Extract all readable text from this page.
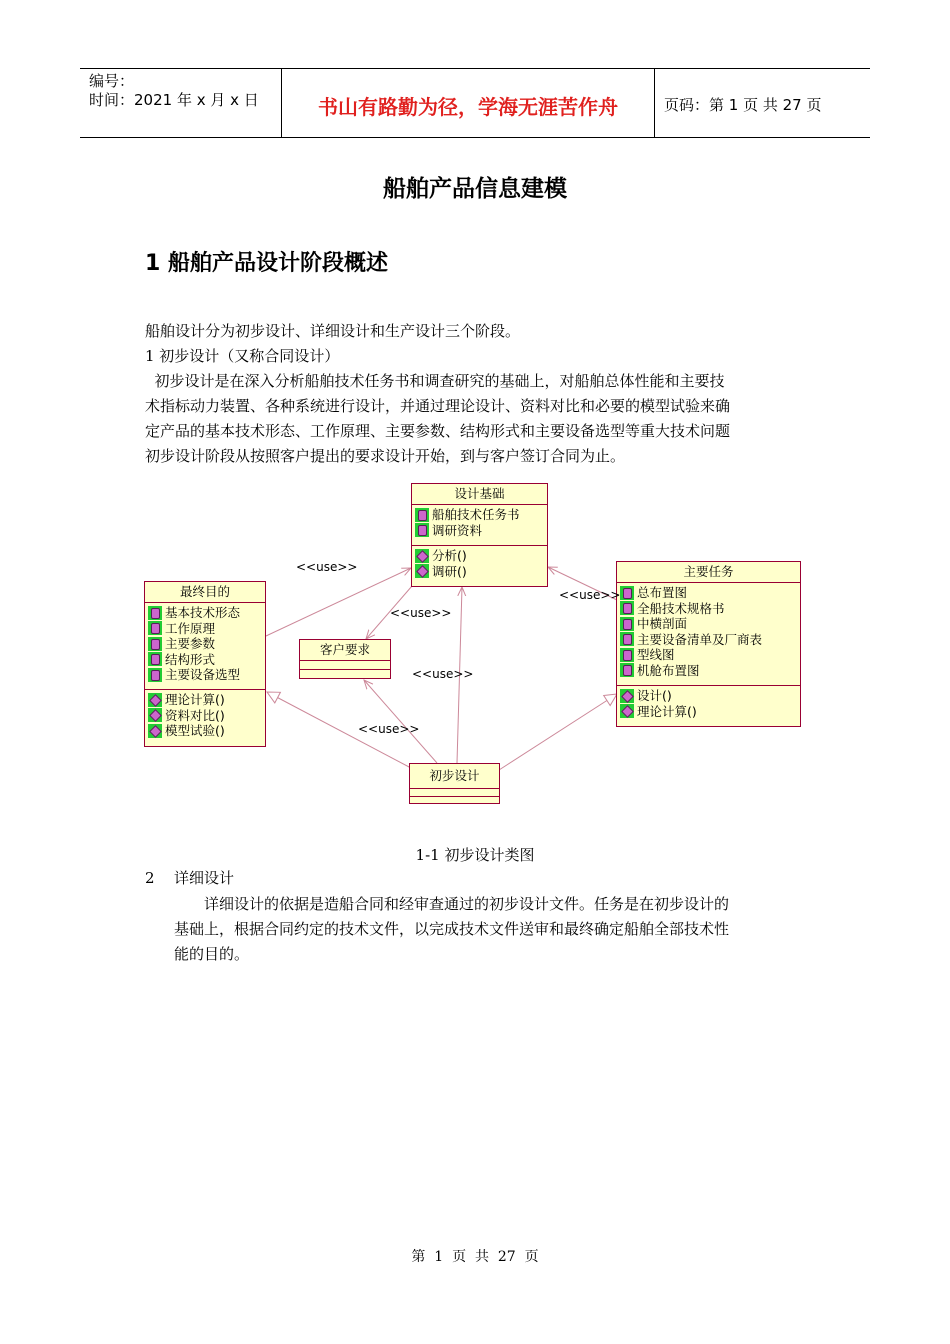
编号：
时间：2021 年 x 月 x 日	书山有路勤为径，学海无涯苦作舟	页码：第 1 页 共 27 页
船舶产品信息建模
1 船舶产品设计阶段概述
船舶设计分为初步设计、详细设计和生产设计三个阶段。
1 初步设计（又称合同设计）
初步设计是在深入分析船舶技术任务书和调查研究的基础上，对船舶总体性能和主要技
术指标动力装置、各种系统进行设计，并通过理论设计、资料对比和必要的模型试验来确
定产品的基本技术形态、工作原理、主要参数、结构形式和主要设备选型等重大技术问题
初步设计阶段从按照客户提出的要求设计开始，到与客户签订合同为止。
设计基础
船舶技术任务书
调研资料
分析()
调研()
最终目的
基本技术形态
工作原理
主要参数
结构形式
主要设备选型
理论计算()
资料对比()
模型试验()
客户要求
主要任务
总布置图
全船技术规格书
中横剖面
主要设备清单及厂商表
型线图
机舱布置图
设计()
理论计算()
初步设计
<<use>>
<<use>>
<<use>>
<<use>>
<<use>>
1-1 初步设计类图
2 详细设计
详细设计的依据是造船合同和经审查通过的初步设计文件。任务是在初步设计的
基础上，根据合同约定的技术文件，以完成技术文件送审和最终确定船舶全部技术性
能的目的。
第  1  页  共  27  页
